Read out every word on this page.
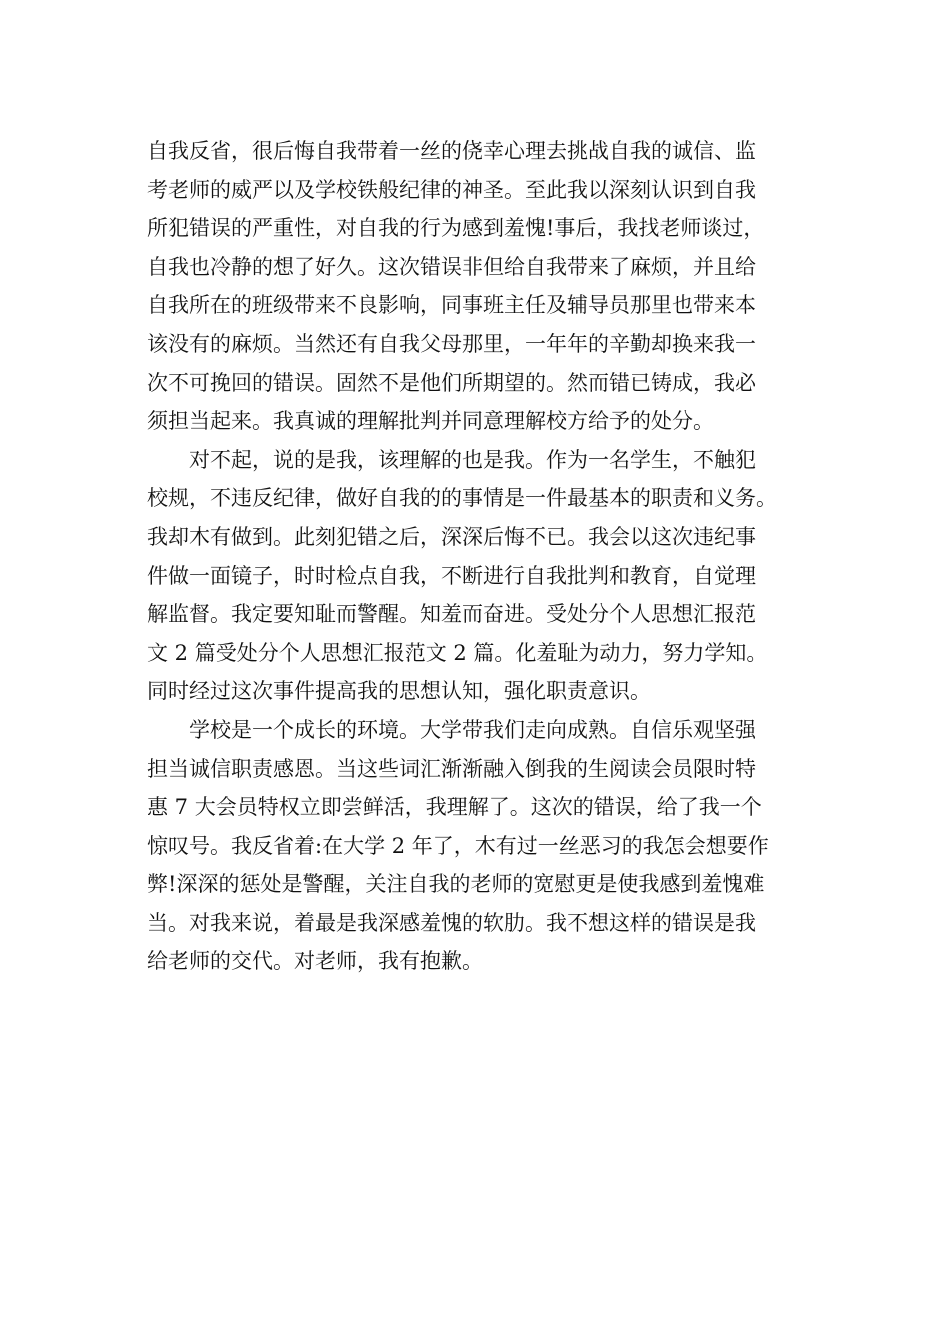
自我反省，很后悔自我带着一丝的侥幸心理去挑战自我的诚信、监
考老师的威严以及学校铁般纪律的神圣。至此我以深刻认识到自我
所犯错误的严重性，对自我的行为感到羞愧!事后，我找老师谈过，
自我也冷静的想了好久。这次错误非但给自我带来了麻烦，并且给
自我所在的班级带来不良影响，同事班主任及辅导员那里也带来本
该没有的麻烦。当然还有自我父母那里，一年年的辛勤却换来我一
次不可挽回的错误。固然不是他们所期望的。然而错已铸成，我必
须担当起来。我真诚的理解批判并同意理解校方给予的处分。
　　对不起，说的是我，该理解的也是我。作为一名学生，不触犯
校规，不违反纪律，做好自我的的事情是一件最基本的职责和义务。
我却木有做到。此刻犯错之后，深深后悔不已。我会以这次违纪事
件做一面镜子，时时检点自我，不断进行自我批判和教育，自觉理
解监督。我定要知耻而警醒。知羞而奋进。受处分个人思想汇报范
文 2 篇受处分个人思想汇报范文 2 篇。化羞耻为动力，努力学知。
同时经过这次事件提高我的思想认知，强化职责意识。
　　学校是一个成长的环境。大学带我们走向成熟。自信乐观坚强
担当诚信职责感恩。当这些词汇渐渐融入倒我的生阅读会员限时特
惠 7 大会员特权立即尝鲜活，我理解了。这次的错误，给了我一个
惊叹号。我反省着:在大学 2 年了，木有过一丝恶习的我怎会想要作
弊!深深的惩处是警醒，关注自我的老师的宽慰更是使我感到羞愧难
当。对我来说，着最是我深感羞愧的软肋。我不想这样的错误是我
给老师的交代。对老师，我有抱歉。
